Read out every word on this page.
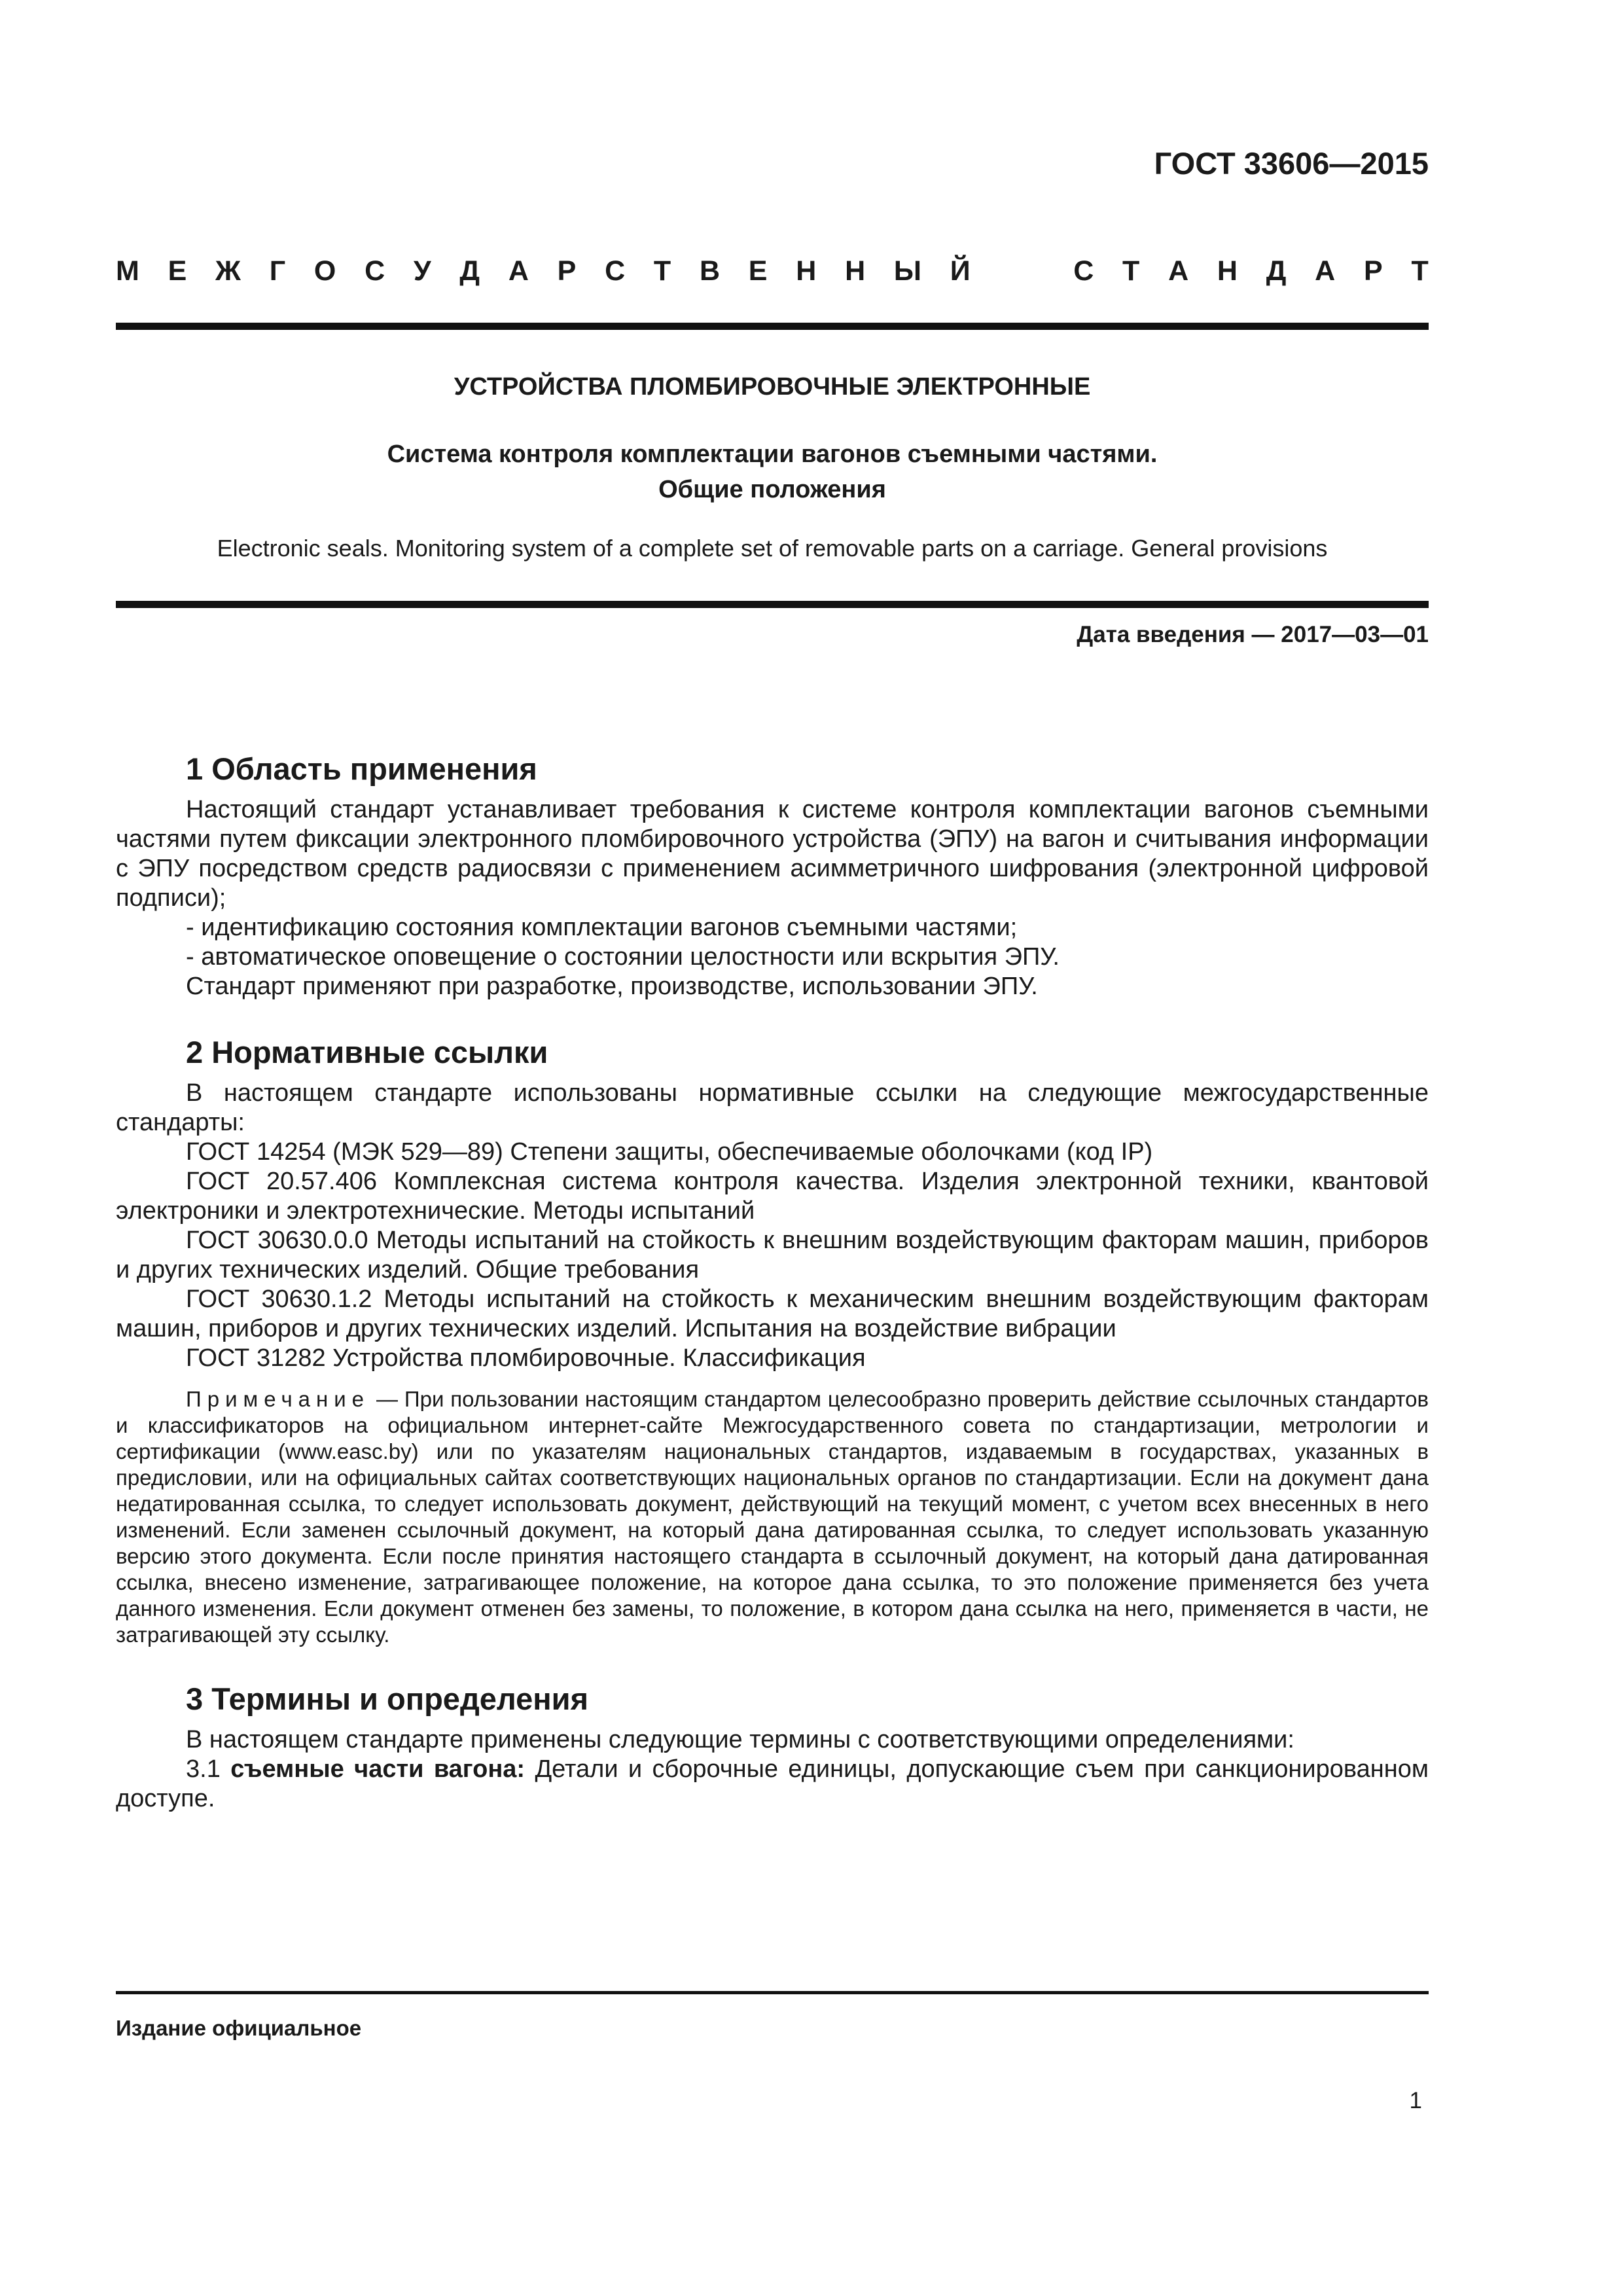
ГОСТ 33606—2015
М Е Ж Г О С У Д А Р С Т В Е Н Н Ы Й	С Т А Н Д А Р Т
УСТРОЙСТВА ПЛОМБИРОВОЧНЫЕ ЭЛЕКТРОННЫЕ
Система контроля комплектации вагонов съемными частями.
Общие положения
Electronic seals. Monitoring system of a complete set of removable parts on a carriage. General provisions
Дата введения — 2017—03—01
1 Область применения

Настоящий стандарт устанавливает требования к системе контроля комплектации вагонов съемными частями путем фиксации электронного пломбировочного устройства (ЭПУ) на вагон и считывания информации с ЭПУ посредством средств радиосвязи с применением асимметричного шифрования (электронной цифровой подписи);

- идентификацию состояния комплектации вагонов съемными частями;

- автоматическое оповещение о состоянии целостности или вскрытия ЭПУ.

Стандарт применяют при разработке, производстве, использовании ЭПУ.

2 Нормативные ссылки

В настоящем стандарте использованы нормативные ссылки на следующие межгосударственные стандарты:

ГОСТ 14254 (МЭК 529—89) Степени защиты, обеспечиваемые оболочками (код IP)

ГОСТ 20.57.406 Комплексная система контроля качества. Изделия электронной техники, квантовой электроники и электротехнические. Методы испытаний

ГОСТ 30630.0.0 Методы испытаний на стойкость к внешним воздействующим факторам машин, приборов и других технических изделий. Общие требования

ГОСТ 30630.1.2 Методы испытаний на стойкость к механическим внешним воздействующим факторам машин, приборов и других технических изделий. Испытания на воздействие вибрации

ГОСТ 31282 Устройства пломбировочные. Классификация

Примечание — При пользовании настоящим стандартом целесообразно проверить действие ссылочных стандартов и классификаторов на официальном интернет-сайте Межгосударственного совета по стандартизации, метрологии и сертификации (www.easc.by) или по указателям национальных стандартов, издаваемым в государствах, указанных в предисловии, или на официальных сайтах соответствующих национальных органов по стандартизации. Если на документ дана недатированная ссылка, то следует использовать документ, действующий на текущий момент, с учетом всех внесенных в него изменений. Если заменен ссылочный документ, на который дана датированная ссылка, то следует использовать указанную версию этого документа. Если после принятия настоящего стандарта в ссылочный документ, на который дана датированная ссылка, внесено изменение, затрагивающее положение, на которое дана ссылка, то это положение применяется без учета данного изменения. Если документ отменен без замены, то положение, в котором дана ссылка на него, применяется в части, не затрагивающей эту ссылку.

3 Термины и определения

В настоящем стандарте применены следующие термины с соответствующими определениями:

3.1 съемные части вагона: Детали и сборочные единицы, допускающие съем при санкционированном доступе.

Издание официальное
1
